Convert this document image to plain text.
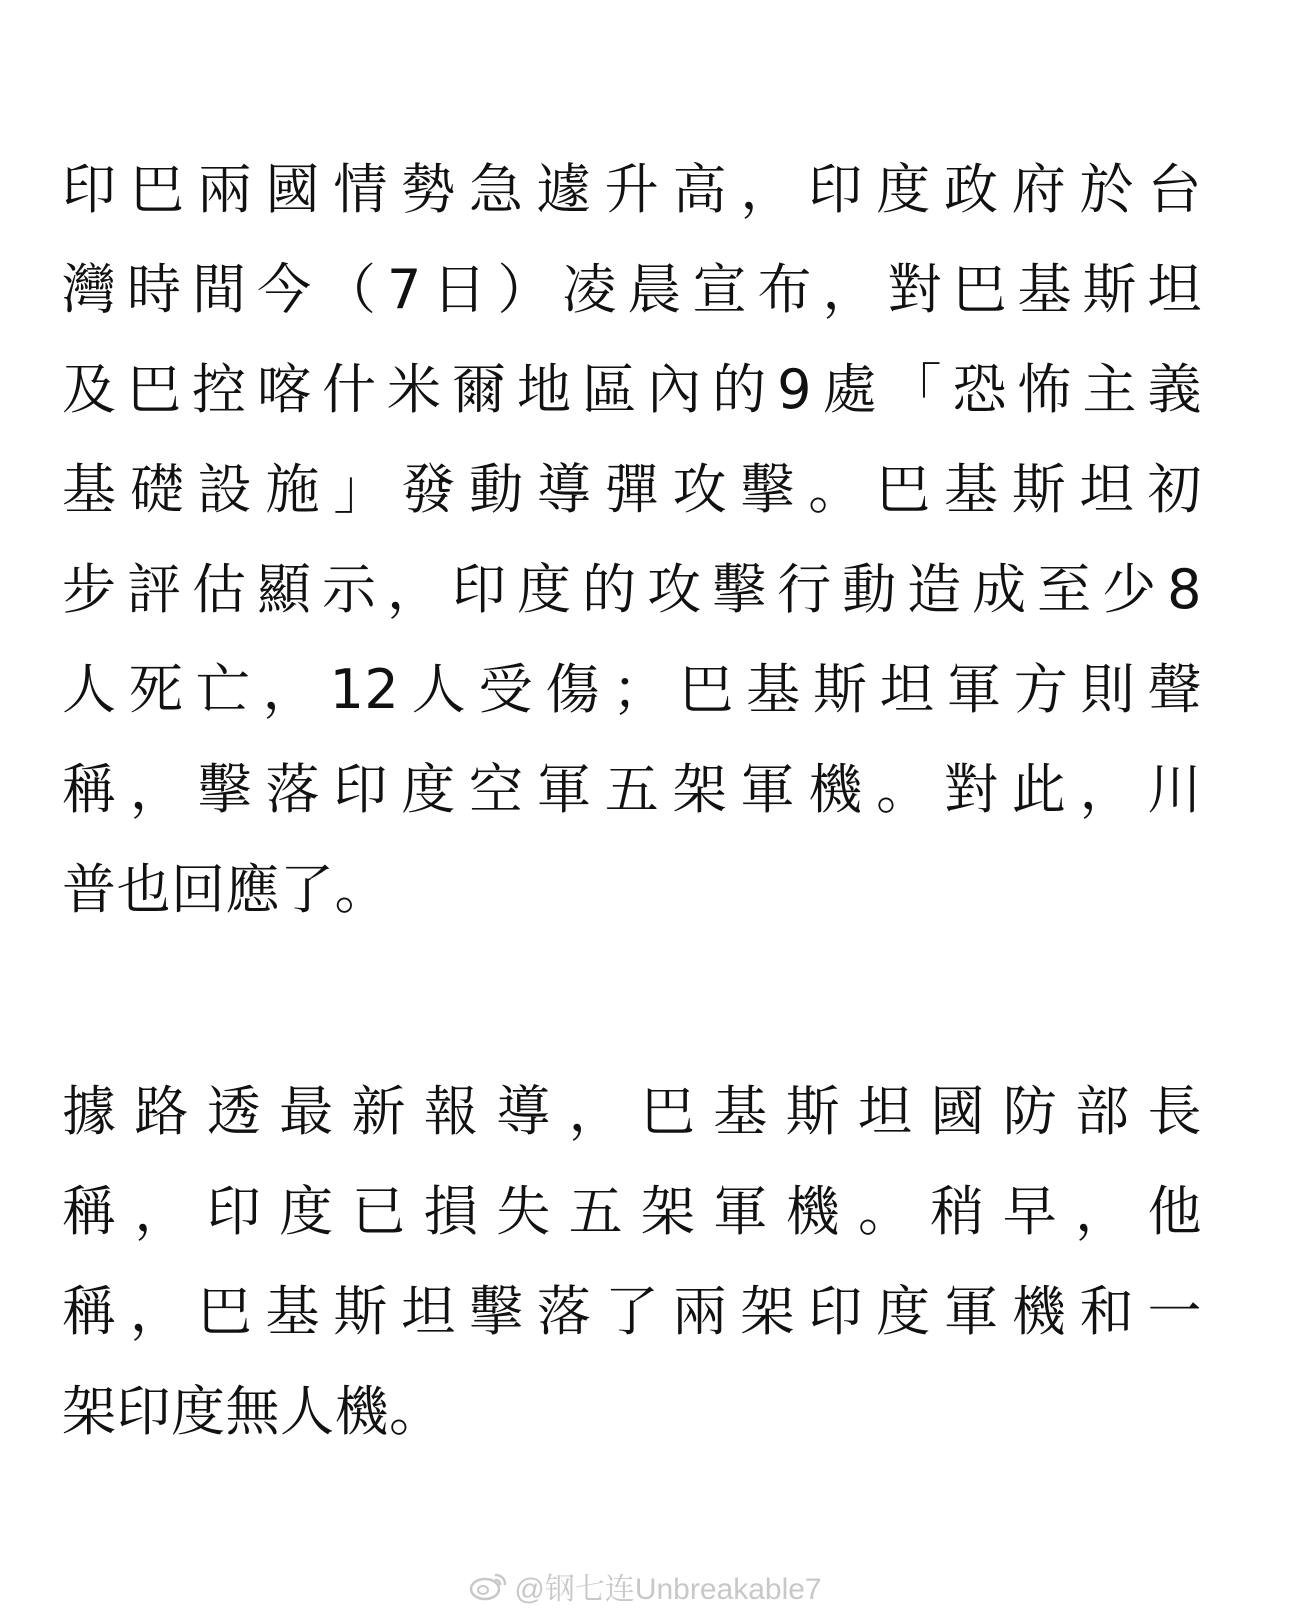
印巴兩國情勢急遽升高，印度政府於台
灣時間今（7日）凌晨宣布，對巴基斯坦
及巴控喀什米爾地區內的9處「恐怖主義
基礎設施」發動導彈攻擊。巴基斯坦初
步評估顯示，印度的攻擊行動造成至少8
人死亡，12人受傷；巴基斯坦軍方則聲
稱，擊落印度空軍五架軍機。對此，川
普也回應了。
據路透最新報導，巴基斯坦國防部長
稱，印度已損失五架軍機。稍早，他
稱，巴基斯坦擊落了兩架印度軍機和一
架印度無人機。
@钢七连Unbreakable7
